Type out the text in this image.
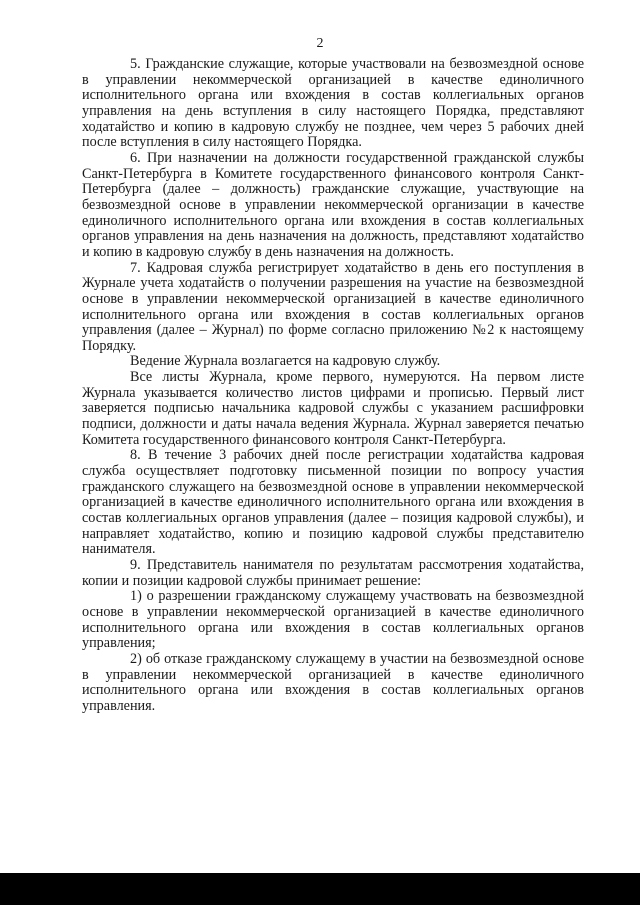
2

5. Гражданские служащие, которые участвовали на безвозмездной основе в управлении некоммерческой организацией в качестве единоличного исполнительного органа или вхождения в состав коллегиальных органов управления на день вступления в силу настоящего Порядка, представляют ходатайство и копию в кадровую службу не позднее, чем через 5 рабочих дней после вступления в силу настоящего Порядка.

6. При назначении на должности государственной гражданской службы Санкт-Петербурга в Комитете государственного финансового контроля Санкт-Петербурга (далее – должность) гражданские служащие, участвующие на безвозмездной основе в управлении некоммерческой организации в качестве единоличного исполнительного органа или вхождения в состав коллегиальных органов управления на день назначения на должность, представляют ходатайство и копию в кадровую службу в день назначения на должность.

7. Кадровая служба регистрирует ходатайство в день его поступления в Журнале учета ходатайств о получении разрешения на участие на безвозмездной основе в управлении некоммерческой организацией в качестве единоличного исполнительного органа или вхождения в состав коллегиальных органов управления (далее – Журнал) по форме согласно приложению №2 к настоящему Порядку.

Ведение Журнала возлагается на кадровую службу.

Все листы Журнала, кроме первого, нумеруются. На первом листе Журнала указывается количество листов цифрами и прописью. Первый лист заверяется подписью начальника кадровой службы с указанием расшифровки подписи, должности и даты начала ведения Журнала. Журнал заверяется печатью Комитета государственного финансового контроля Санкт-Петербурга.

8. В течение 3 рабочих дней после регистрации ходатайства кадровая служба осуществляет подготовку письменной позиции по вопросу участия гражданского служащего на безвозмездной основе в управлении некоммерческой организацией в качестве единоличного исполнительного органа или вхождения в состав коллегиальных органов управления (далее – позиция кадровой службы), и направляет ходатайство, копию и позицию кадровой службы представителю нанимателя.

9. Представитель нанимателя по результатам рассмотрения ходатайства, копии и позиции кадровой службы принимает решение:

1) о разрешении гражданскому служащему участвовать на безвозмездной основе в управлении некоммерческой организацией в качестве единоличного исполнительного органа или вхождения в состав коллегиальных органов управления;

2) об отказе гражданскому служащему в участии на безвозмездной основе в управлении некоммерческой организацией в качестве единоличного исполнительного органа или вхождения в состав коллегиальных органов управления.
